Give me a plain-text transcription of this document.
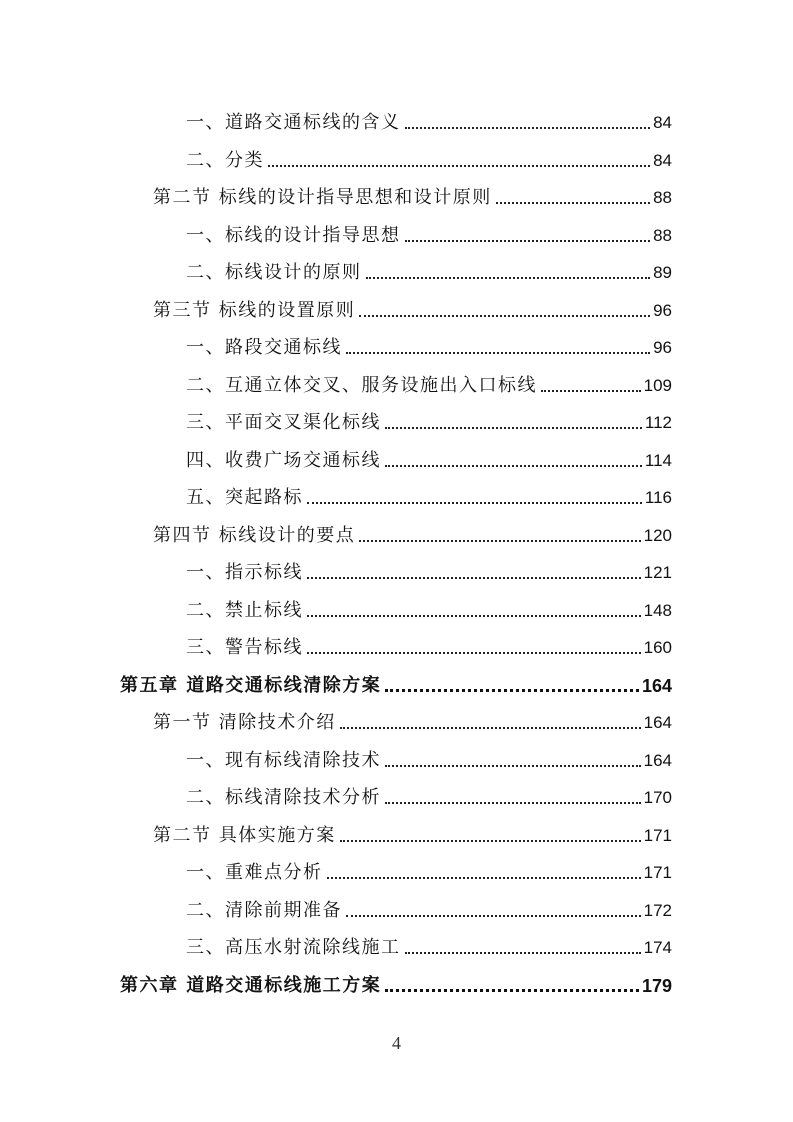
一、道路交通标线的含义	84
二、分类	84
第二节 标线的设计指导思想和设计原则	88
一、标线的设计指导思想	88
二、标线设计的原则	89
第三节 标线的设置原则	96
一、路段交通标线	96
二、互通立体交叉、服务设施出入口标线	109
三、平面交叉渠化标线	112
四、收费广场交通标线	114
五、突起路标	116
第四节 标线设计的要点	120
一、指示标线	121
二、禁止标线	148
三、警告标线	160
第五章 道路交通标线清除方案	164
第一节 清除技术介绍	164
一、现有标线清除技术	164
二、标线清除技术分析	170
第二节 具体实施方案	171
一、重难点分析	171
二、清除前期准备	172
三、高压水射流除线施工	174
第六章 道路交通标线施工方案	179
4
